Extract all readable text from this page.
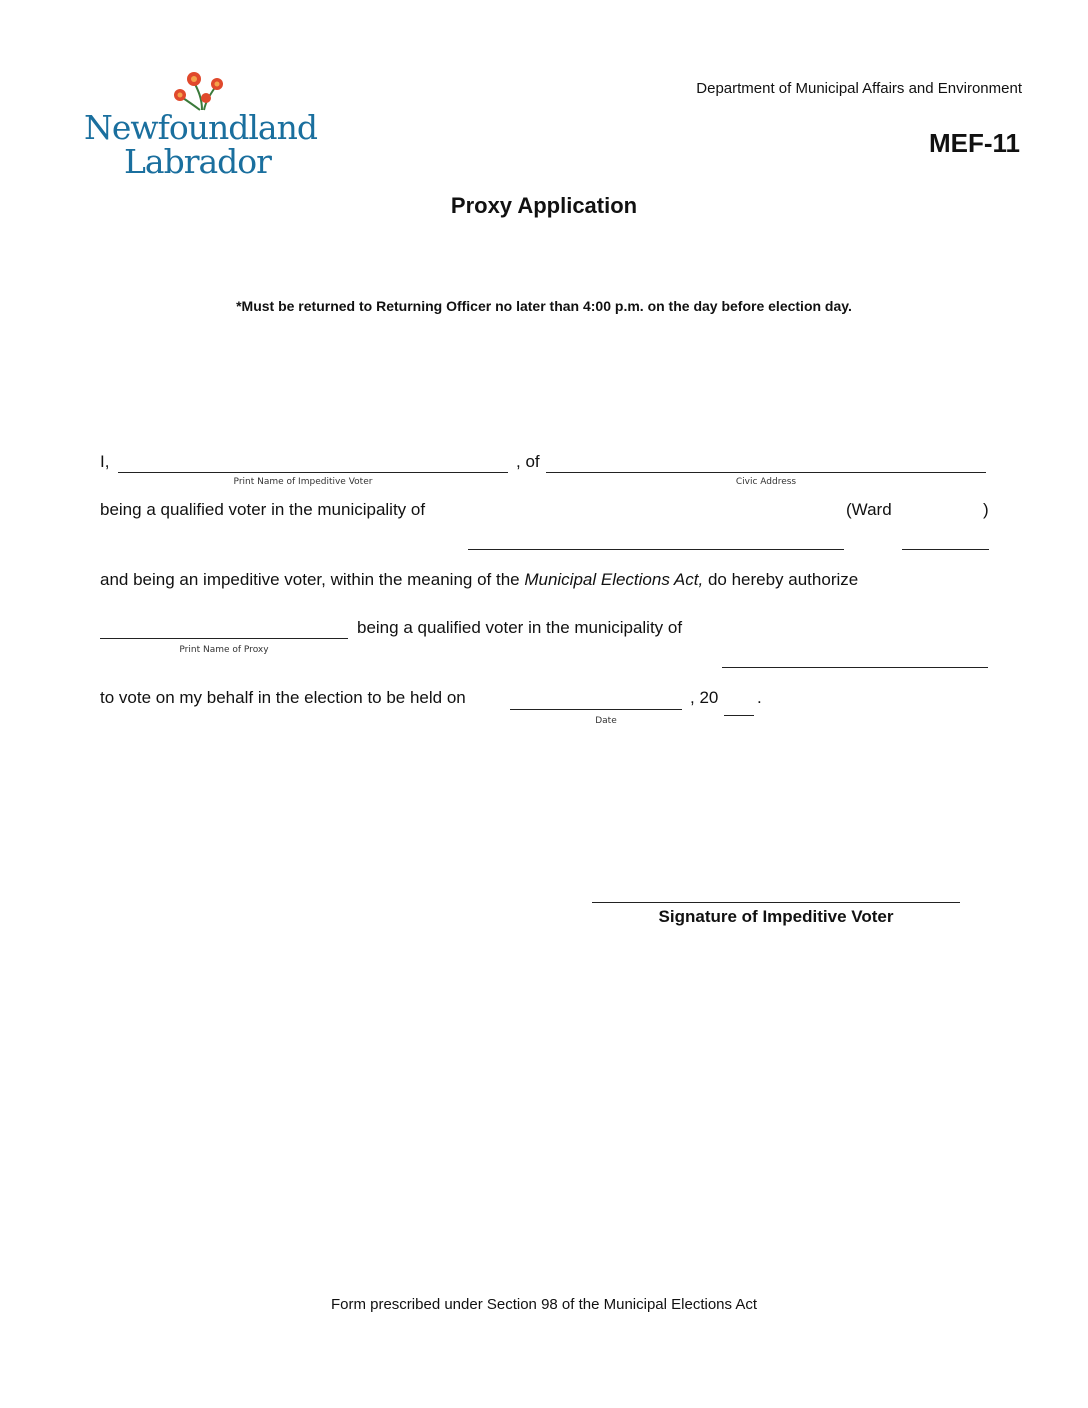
Newfoundland
Labrador
Department of Municipal Affairs and Environment
MEF-11
Proxy Application
*Must be returned to Returning Officer no later than 4:00 p.m. on the day before election day.
I,
Print Name of Impeditive Voter
, of
Civic Address
being a qualified voter in the municipality of	(Ward	)
and being an impeditive voter, within the meaning of the Municipal Elections Act, do hereby authorize
Print Name of Proxy
being a qualified voter in the municipality of
to vote on my behalf in the election to be held on
Date
, 20 .
Signature of Impeditive Voter
Form prescribed under Section 98 of the Municipal Elections Act
